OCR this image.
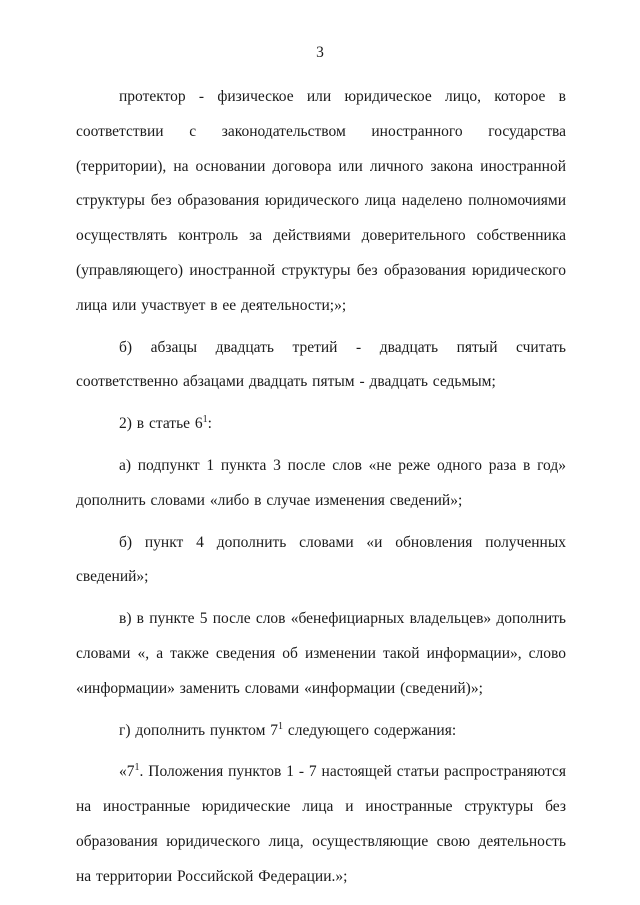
3

протектор - физическое или юридическое лицо, которое в соответствии с законодательством иностранного государства (территории), на основании договора или личного закона иностранной структуры без образования юридического лица наделено полномочиями осуществлять контроль за действиями доверительного собственника (управляющего) иностранной структуры без образования юридического лица или участвует в ее деятельности;»;

б) абзацы двадцать третий - двадцать пятый считать соответственно абзацами двадцать пятым - двадцать седьмым;

2) в статье $6^1$:

а) подпункт 1 пункта 3 после слов «не реже одного раза в год» дополнить словами «либо в случае изменения сведений»;

б) пункт 4 дополнить словами «и обновления полученных сведений»;

в) в пункте 5 после слов «бенефициарных владельцев» дополнить словами «, а также сведения об изменении такой информации», слово «информации» заменить словами «информации (сведений)»;

г) дополнить пунктом $7^1$ следующего содержания:

«$7^1$. Положения пунктов 1 - 7 настоящей статьи распространяются на иностранные юридические лица и иностранные структуры без образования юридического лица, осуществляющие свою деятельность на территории Российской Федерации.»;
